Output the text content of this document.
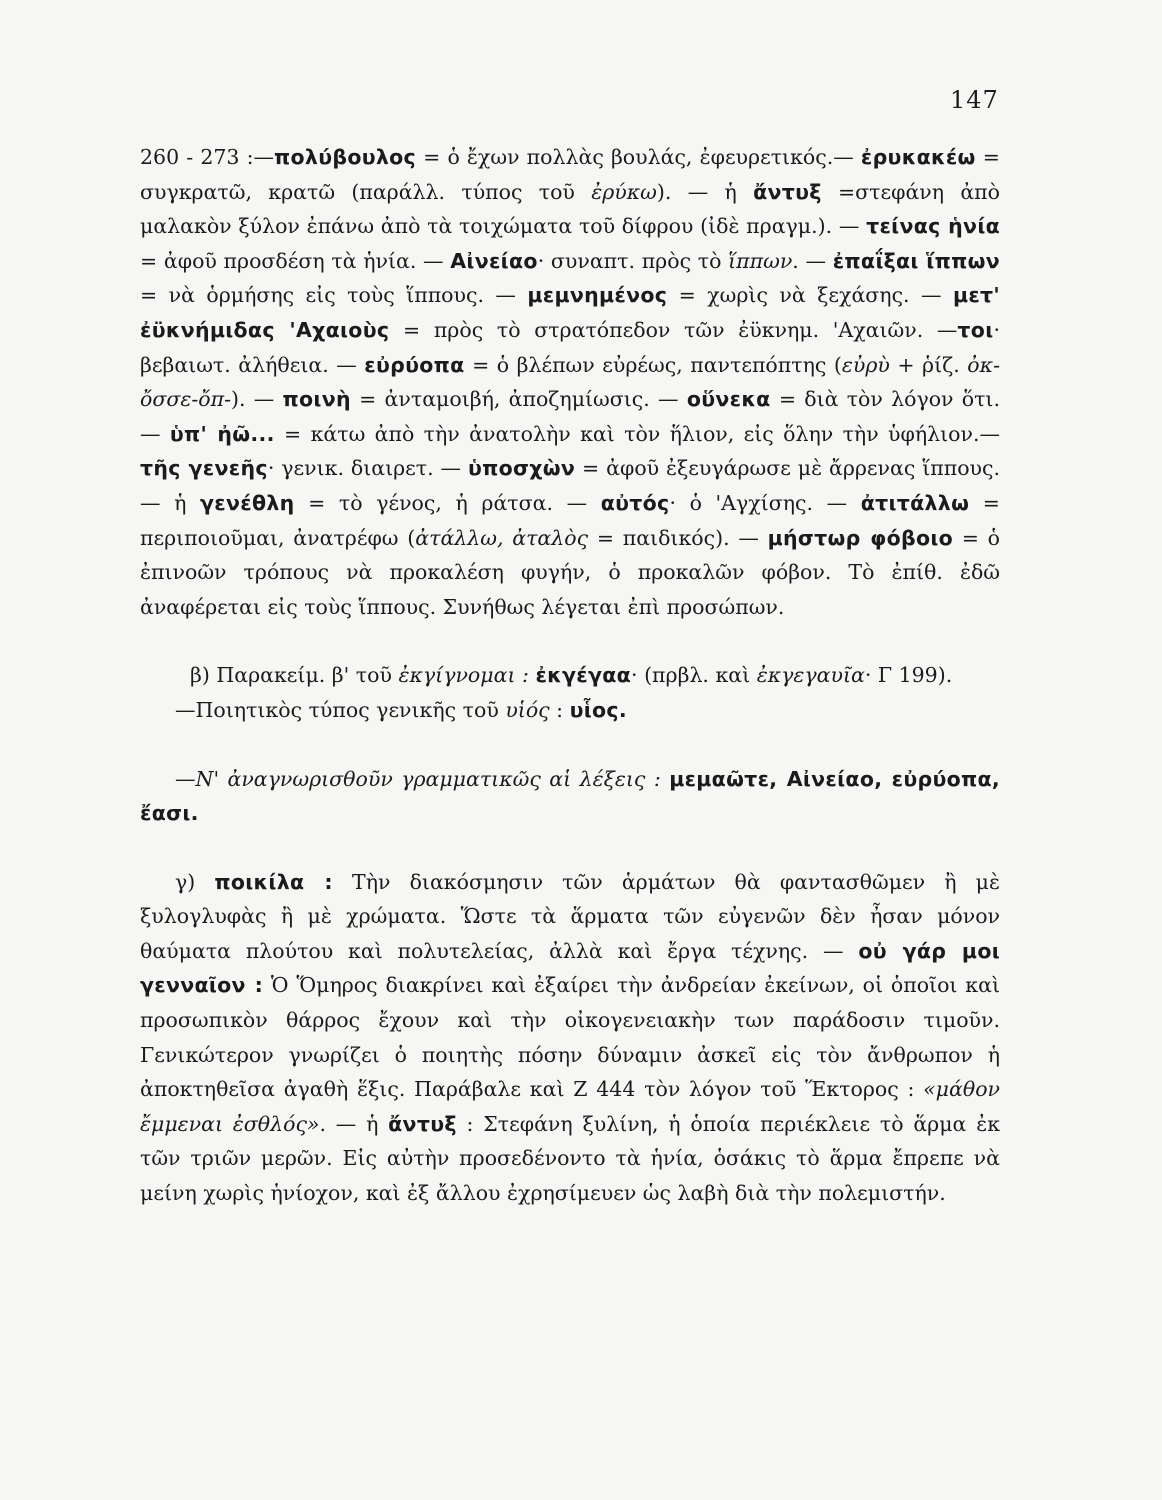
147

260 - 273 :—πολύβουλος = ὁ ἔχων πολλὰς βουλάς, ἐφευρετικός.— ἐρυκακέω = συγκρατῶ, κρατῶ (παράλλ. τύπος τοῦ ἐρύκω). — ἡ ἄντυξ =στεφάνη ἀπὸ μαλακὸν ξύλον ἐπάνω ἀπὸ τὰ τοιχώματα τοῦ δίφρου (ἰδὲ πραγμ.). — τείνας ἡνία = ἀφοῦ προσδέση τὰ ἡνία. — Αἰνείαο· συναπτ. πρὸς τὸ ἵππων. — ἐπαΐξαι ἵππων = νὰ ὁρμήσης εἰς τοὺς ἵππους. — μεμνημένος = χωρὶς νὰ ξεχάσης. — μετ' ἐϋκνήμιδας 'Αχαιοὺς = πρὸς τὸ στρατόπεδον τῶν ἐϋκνημ. 'Αχαιῶν. —τοι· βεβαιωτ. ἀλήθεια. — εὐρύοπα = ὁ βλέπων εὐρέως, παντεπόπτης (εὐρὺ + ῥίζ. ὀκ-ὄσσε-ὄπ-). — ποινὴ = ἀνταμοιβή, ἀποζημίωσις. — οὕνεκα = διὰ τὸν λόγον ὅτι. — ὑπ' ἠῶ... = κάτω ἀπὸ τὴν ἀνατολὴν καὶ τὸν ἥλιον, εἰς ὅλην τὴν ὑφήλιον.— τῆς γενεῆς· γενικ. διαιρετ. — ὑποσχὼν = ἀφοῦ ἐξευγάρωσε μὲ ἄρρενας ἵππους. — ἡ γενέθλη = τὸ γένος, ἡ ράτσα. — αὐτός· ὁ 'Αγχίσης. — ἀτιτάλλω = περιποιοῦμαι, ἀνατρέφω (ἀτάλλω, ἀταλὸς = παιδικός). — μήστωρ φόβοιο = ὁ ἐπινοῶν τρόπους νὰ προκαλέση φυγήν, ὁ προκαλῶν φόβον. Τὸ ἐπίθ. ἐδῶ ἀναφέρεται εἰς τοὺς ἵππους. Συνήθως λέγεται ἐπὶ προσώπων.

β) Παρακείμ. β' τοῦ ἐκγίγνομαι : ἐκγέγαα· (πρβλ. καὶ ἐκγεγαυῖα· Γ 199).

—Ποιητικὸς τύπος γενικῆς τοῦ υἱός : υἷος.

—Ν' ἀναγνωρισθοῦν γραμματικῶς αἱ λέξεις : μεμαῶτε, Αἰνείαο, εὐρύοπα, ἔασι.

γ) ποικίλα : Τὴν διακόσμησιν τῶν ἁρμάτων θὰ φαντασθῶμεν ἢ μὲ ξυλογλυφὰς ἢ μὲ χρώματα. Ὥστε τὰ ἅρματα τῶν εὐγενῶν δὲν ἦσαν μόνον θαύματα πλούτου καὶ πολυτελείας, ἀλλὰ καὶ ἔργα τέχνης. — οὐ γάρ μοι γενναῖον : Ὁ Ὅμηρος διακρίνει καὶ ἐξαίρει τὴν ἀνδρείαν ἐκείνων, οἱ ὁποῖοι καὶ προσωπικὸν θάρρος ἔχουν καὶ τὴν οἰκογενειακὴν των παράδοσιν τιμοῦν. Γενικώτερον γνωρίζει ὁ ποιητὴς πόσην δύναμιν ἀσκεῖ εἰς τὸν ἄνθρωπον ἡ ἀποκτηθεῖσα ἀγαθὴ ἕξις. Παράβαλε καὶ Ζ 444 τὸν λόγον τοῦ Ἕκτορος : «μάθον ἔμμεναι ἐσθλός». — ἡ ἄντυξ : Στεφάνη ξυλίνη, ἡ ὁποία περιέκλειε τὸ ἅρμα ἐκ τῶν τριῶν μερῶν. Εἰς αὐτὴν προσεδένοντο τὰ ἡνία, ὁσάκις τὸ ἅρμα ἔπρεπε νὰ μείνη χωρὶς ἡνίοχον, καὶ ἐξ ἄλλου ἐχρησίμευεν ὡς λαβὴ διὰ τὴν πολεμιστήν.
